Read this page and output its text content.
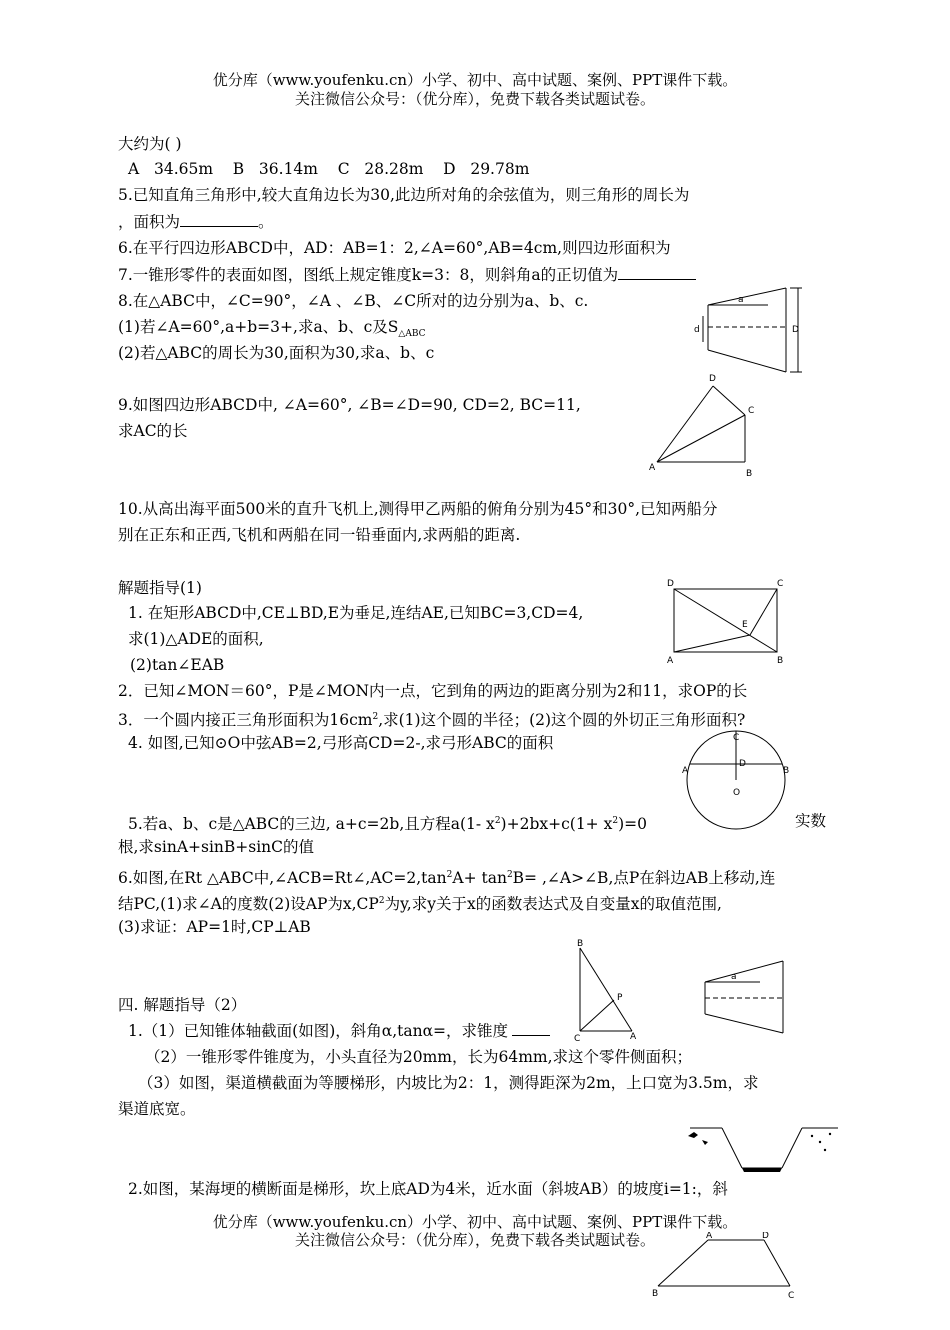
优分库（www.youfenku.cn）小学、初中、高中试题、案例、PPT课件下载。
关注微信公众号：（优分库），免费下载各类试题试卷。
大约为( )
A   34.65m    B   36.14m    C   28.28m    D   29.78m
5.已知直角三角形中,较大直角边长为30,此边所对角的余弦值为，则三角形的周长为
，面积为	。
6.在平行四边形ABCD中，AD：AB=1：2,∠A=60°,AB=4cm,则四边形面积为
7.一锥形零件的表面如图，图纸上规定锥度k=3：8，则斜角a的正切值为
8.在△ABC中，∠C=90°，∠A 、∠B、∠C所对的边分别为a、b、c.
(1)若∠A=60°,a+b=3+,求a、b、c及$S_{\triangle ABC}$
(2)若△ABC的周长为30,面积为30,求a、b、c
a
d	D
9.如图四边形ABCD中, ∠A=60°, ∠B=∠D=90, CD=2, BC=11,
求AC的长
D
C
A
B
10.从高出海平面500米的直升飞机上,测得甲乙两船的俯角分别为45°和30°,已知两船分
别在正东和正西,飞机和两船在同一铅垂面内,求两船的距离.
解题指导(1)
1. 在矩形ABCD中,CE⊥BD,E为垂足,连结AE,已知BC=3,CD=4,
求(1)△ADE的面积,
(2)tan∠EAB
D	C
E
A	B
2．已知∠MON＝60°，P是∠MON内一点，它到角的两边的距离分别为2和11，求OP的长
3．一个圆内接正三角形面积为$16cm^2$,求(1)这个圆的半径；(2)这个圆的外切正三角形面积?
4. 如图,已知⊙O中弦AB=2,弓形高CD=2-,求弓形ABC的面积
5.若a、b、c是△ABC的三边, a+c=2b,且方程a(1- $x^2)+2bx+c(1+ x^2)=0$	实数
根,求sinA+sinB+sinC的值
C
A	B
D
O
6.如图,在Rt △ABC中$,\angle ACB=Rt\angle,AC=2,\tan^2A+ \tan^2B=$ ,∠A>∠B,点P在斜边AB上移动,连
结PC,(1)求∠A的度数(2)设AP为$x,CP^2$为y,求y关于x的函数表达式及自变量x的取值范围,
(3)求证：AP=1时,CP⊥AB
B
P
C	A
a
四. 解题指导（2）
1.（1）已知锥体轴截面(如图)，斜角α,tanα=，求锥度
（2）一锥形零件锥度为，小头直径为20mm，长为64mm,求这个零件侧面积；
（3）如图，渠道横截面为等腰梯形，内坡比为2：1，测得距深为2m，上口宽为3.5m，求
渠道底宽。
2.如图，某海埂的横断面是梯形，坎上底AD为4米，近水面（斜坡AB）的坡度i=1:，斜
优分库（www.youfenku.cn）小学、初中、高中试题、案例、PPT课件下载。
关注微信公众号：（优分库），免费下载各类试题试卷。	A	D
B	C
